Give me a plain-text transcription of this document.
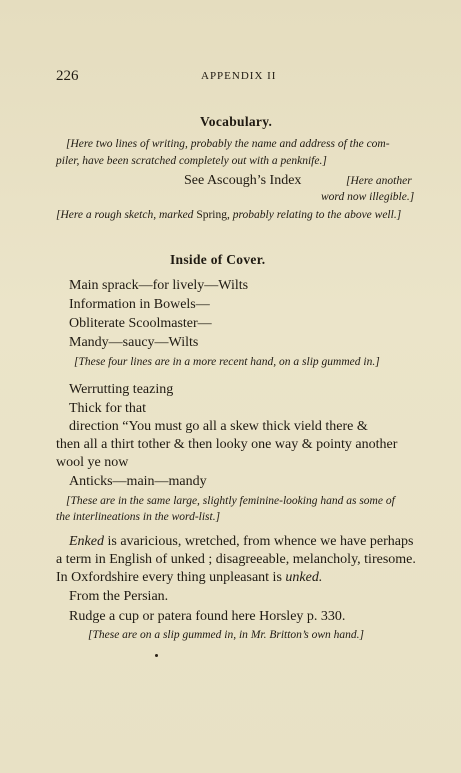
226	APPENDIX II
Vocabulary.
[Here two lines of writing, probably the name and address of the com-
piler, have been scratched completely out with a penknife.]
See Ascough’s Index	[Here another
word now illegible.]
[Here a rough sketch, marked Spring, probably relating to the above well.]
Inside of Cover.
Main sprack—for lively—Wilts
Information in Bowels—
Obliterate Scoolmaster—
Mandy—saucy—Wilts
[These four lines are in a more recent hand, on a slip gummed in.]
Werrutting teazing
Thick for that
direction “You must go all a skew thick vield there &
then all a thirt tother & then looky one way & pointy another
wool ye now
Anticks—main—mandy
[These are in the same large, slightly feminine-looking hand as some of
the interlineations in the word-list.]
Enked is avaricious, wretched, from whence we have perhaps
a term in English of unked ; disagreeable, melancholy, tiresome.
In Oxfordshire every thing unpleasant is unked.
From the Persian.
Rudge a cup or patera found here Horsley p. 330.
[These are on a slip gummed in, in Mr. Britton’s own hand.]
